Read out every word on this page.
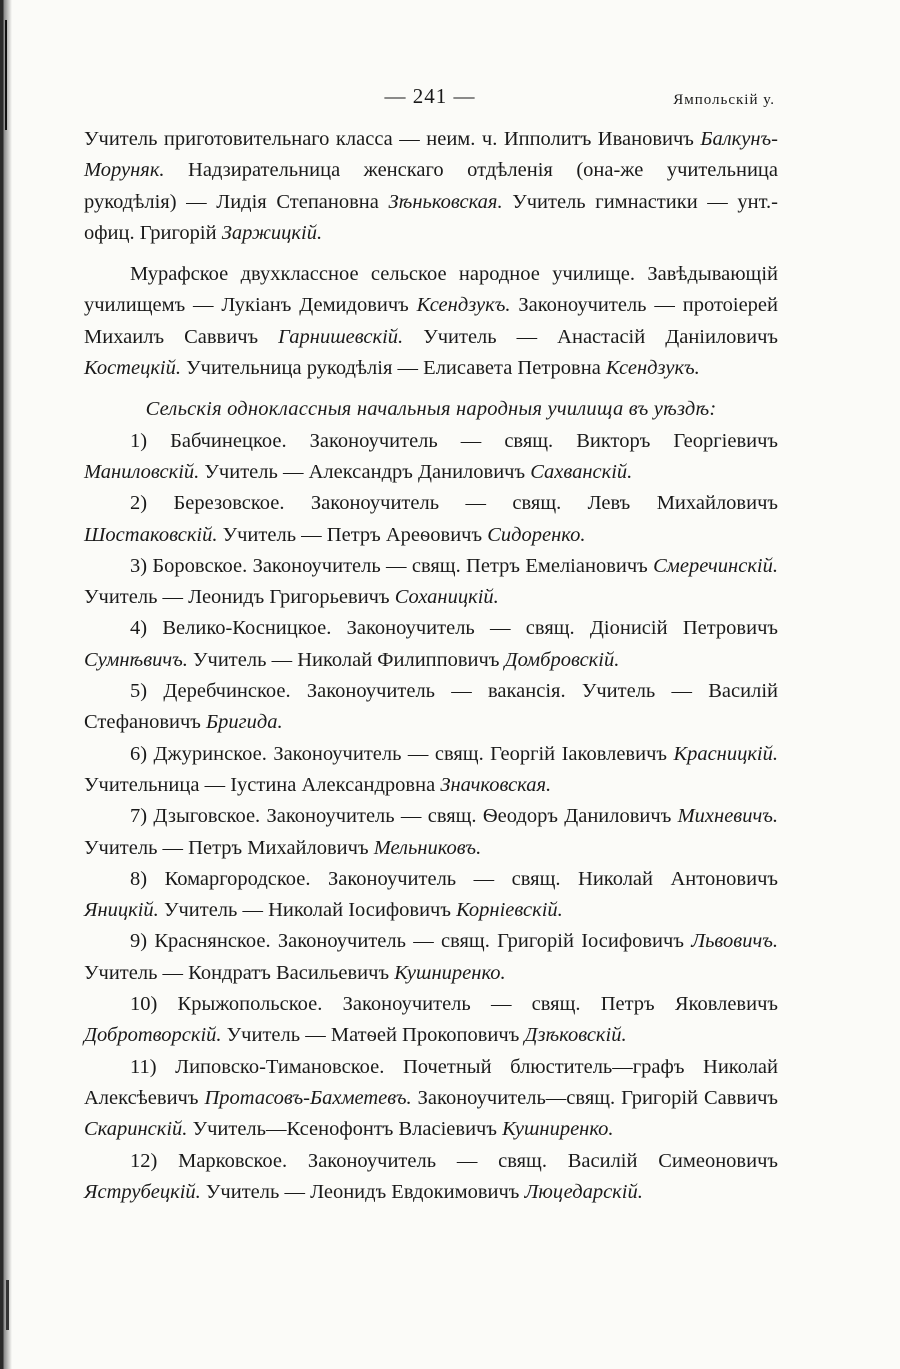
— 241 —	Ямпольскій у.

Учитель приготовительнаго класса — неим. ч. Ипполитъ Ивановичъ Балкунъ-Моруняк. Надзирательница женскаго отдѣленія (она-же учительница рукодѣлія) — Лидія Степановна Зѣньковская. Учитель гимнастики — унт.-офиц. Григорій Заржицкій.

Мурафское двухклассное сельское народное училище. Завѣдывающій училищемъ — Лукіанъ Демидовичъ Ксендзукъ. Законоучитель — протоіерей Михаилъ Саввичъ Гарнишевскій. Учитель — Анастасій Даніиловичъ Костецкій. Учительница рукодѣлія — Елисавета Петровна Ксендзукъ.

Сельскія одноклассныя начальныя народныя училища въ уѣздѣ:

1) Бабчинецкое. Законоучитель — свящ. Викторъ Георгіевичъ Маниловскій. Учитель — Александръ Даниловичъ Сахванскій.

2) Березовское. Законоучитель — свящ. Левъ Михайловичъ Шостаковскій. Учитель — Петръ Ареѳовичъ Сидоренко.

3) Боровское. Законоучитель — свящ. Петръ Емеліановичъ Смеречинскій. Учитель — Леонидъ Григорьевичъ Соханицкій.

4) Велико-Косницкое. Законоучитель — свящ. Діонисій Петровичъ Сумнѣвичъ. Учитель — Николай Филипповичъ Домбровскій.

5) Деребчинское. Законоучитель — вакансія. Учитель — Василій Стефановичъ Бригида.

6) Джуринское. Законоучитель — свящ. Георгій Іаковлевичъ Красницкій. Учительница — Іустина Александровна Значковская.

7) Дзыговское. Законоучитель — свящ. Ѳеодоръ Даниловичъ Михневичъ. Учитель — Петръ Михайловичъ Мельниковъ.

8) Комаргородское. Законоучитель — свящ. Николай Антоновичъ Яницкій. Учитель — Николай Іосифовичъ Корніевскій.

9) Краснянское. Законоучитель — свящ. Григорій Іосифовичъ Львовичъ. Учитель — Кондратъ Васильевичъ Кушниренко.

10) Крыжопольское. Законоучитель — свящ. Петръ Яковлевичъ Добротворскій. Учитель — Матѳей Прокоповичъ Дзѣковскій.

11) Липовско-Тимановское. Почетный блюститель—графъ Николай Алексѣевичъ Протасовъ-Бахметевъ. Законоучитель—свящ. Григорій Саввичъ Скаринскій. Учитель—Ксенофонтъ Власіевичъ Кушниренко.

12) Марковское. Законоучитель — свящ. Василій Симеоновичъ Яструбецкій. Учитель — Леонидъ Евдокимовичъ Люцедарскій.
